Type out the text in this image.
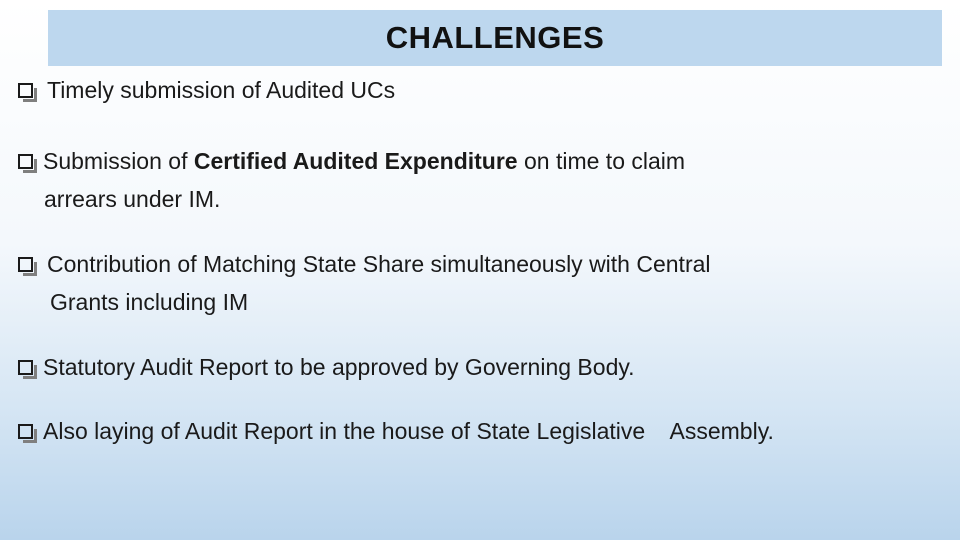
CHALLENGES
Timely submission of Audited UCs
Submission of Certified Audited Expenditure on time to claim
arrears under IM.
Contribution of Matching State Share simultaneously with Central
Grants including IM
Statutory Audit Report to be approved by Governing Body.
Also laying of Audit Report in the house of State Legislative    Assembly.
